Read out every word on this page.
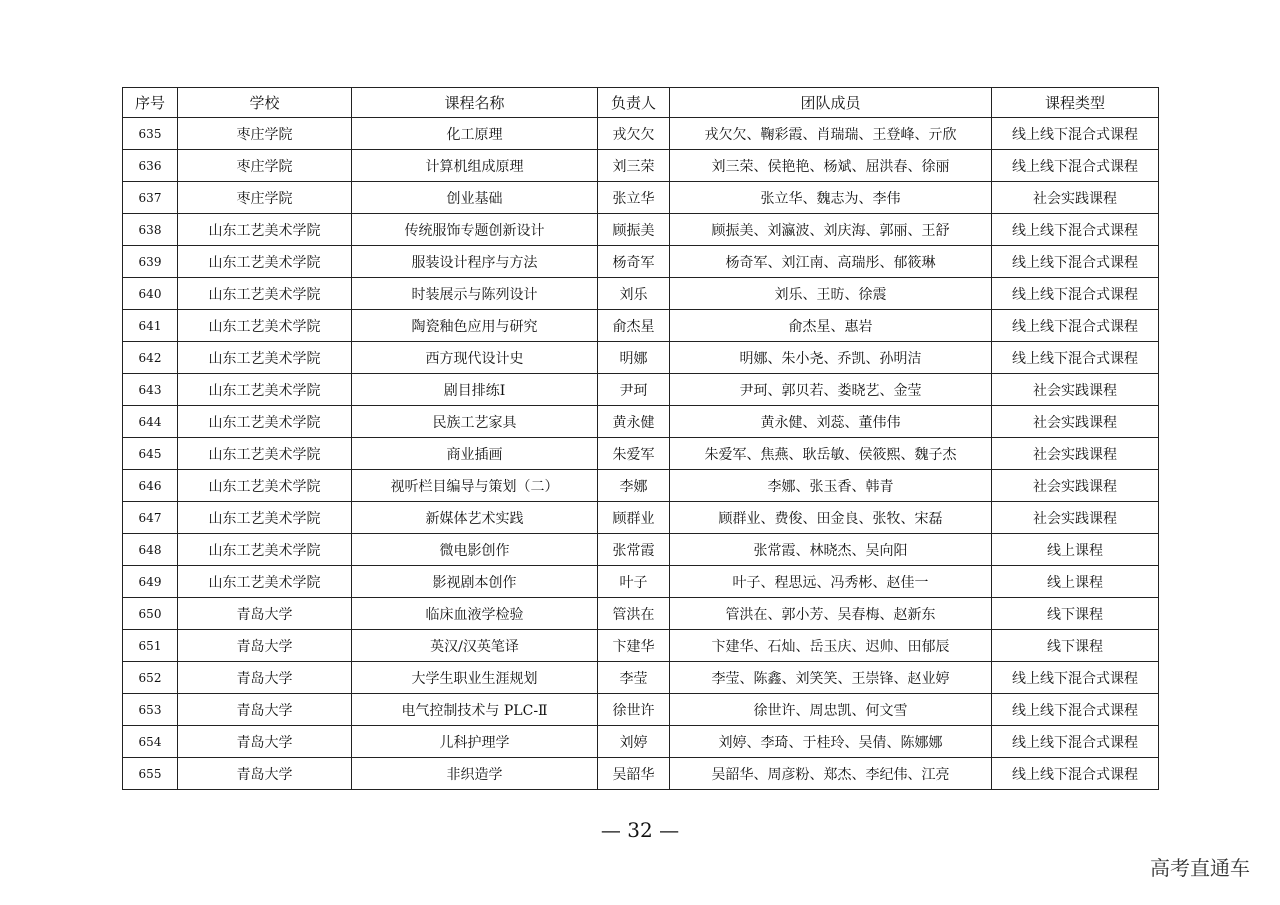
序号	学校	课程名称	负责人	团队成员	课程类型
635	枣庄学院	化工原理	戎欠欠	戎欠欠、鞠彩霞、肖瑞瑞、王登峰、亓欣	线上线下混合式课程
636	枣庄学院	计算机组成原理	刘三荣	刘三荣、侯艳艳、杨斌、屈洪春、徐丽	线上线下混合式课程
637	枣庄学院	创业基础	张立华	张立华、魏志为、李伟	社会实践课程
638	山东工艺美术学院	传统服饰专题创新设计	顾振美	顾振美、刘瀛波、刘庆海、郭丽、王舒	线上线下混合式课程
639	山东工艺美术学院	服装设计程序与方法	杨奇军	杨奇军、刘江南、高瑞彤、郁筱琳	线上线下混合式课程
640	山东工艺美术学院	时装展示与陈列设计	刘乐	刘乐、王昉、徐震	线上线下混合式课程
641	山东工艺美术学院	陶瓷釉色应用与研究	俞杰星	俞杰星、惠岩	线上线下混合式课程
642	山东工艺美术学院	西方现代设计史	明娜	明娜、朱小尧、乔凯、孙明洁	线上线下混合式课程
643	山东工艺美术学院	剧目排练Ⅰ	尹珂	尹珂、郭贝若、娄晓艺、金莹	社会实践课程
644	山东工艺美术学院	民族工艺家具	黄永健	黄永健、刘蕊、董伟伟	社会实践课程
645	山东工艺美术学院	商业插画	朱爱军	朱爱军、焦燕、耿岳敏、侯筱熙、魏子杰	社会实践课程
646	山东工艺美术学院	视听栏目编导与策划（二）	李娜	李娜、张玉香、韩青	社会实践课程
647	山东工艺美术学院	新媒体艺术实践	顾群业	顾群业、费俊、田金良、张牧、宋磊	社会实践课程
648	山东工艺美术学院	微电影创作	张常霞	张常霞、林晓杰、吴向阳	线上课程
649	山东工艺美术学院	影视剧本创作	叶子	叶子、程思远、冯秀彬、赵佳一	线上课程
650	青岛大学	临床血液学检验	管洪在	管洪在、郭小芳、吴春梅、赵新东	线下课程
651	青岛大学	英汉/汉英笔译	卞建华	卞建华、石灿、岳玉庆、迟帅、田郁辰	线下课程
652	青岛大学	大学生职业生涯规划	李莹	李莹、陈鑫、刘笑笑、王崇锋、赵业婷	线上线下混合式课程
653	青岛大学	电气控制技术与 PLC-Ⅱ	徐世许	徐世许、周忠凯、何文雪	线上线下混合式课程
654	青岛大学	儿科护理学	刘婷	刘婷、李琦、于桂玲、吴倩、陈娜娜	线上线下混合式课程
655	青岛大学	非织造学	吴韶华	吴韶华、周彦粉、郑杰、李纪伟、江亮	线上线下混合式课程
— 32 —
高考直通车
